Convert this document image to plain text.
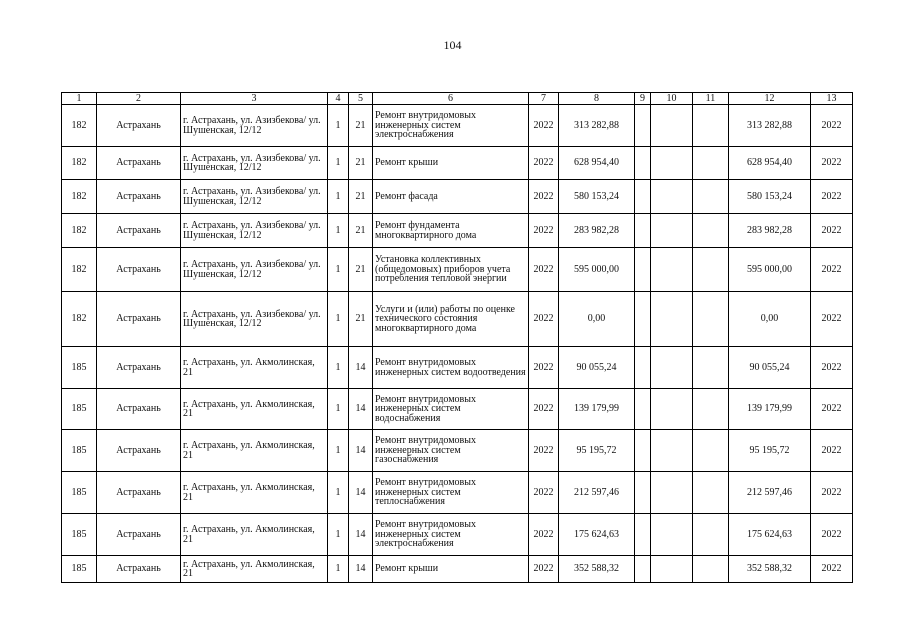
104
1	2	3	4	5	6	7	8	9	10	11	12	13
182	Астрахань	г. Астрахань, ул. Азизбекова/ ул. Шушенская, 12/12	1	21	Ремонт внутридомовых инженерных систем электроснабжения	2022	313 282,88				313 282,88	2022
182	Астрахань	г. Астрахань, ул. Азизбекова/ ул. Шушенская, 12/12	1	21	Ремонт крыши	2022	628 954,40				628 954,40	2022
182	Астрахань	г. Астрахань, ул. Азизбекова/ ул. Шушенская, 12/12	1	21	Ремонт фасада	2022	580 153,24				580 153,24	2022
182	Астрахань	г. Астрахань, ул. Азизбекова/ ул. Шушенская, 12/12	1	21	Ремонт фундамента многоквартирного дома	2022	283 982,28				283 982,28	2022
182	Астрахань	г. Астрахань, ул. Азизбекова/ ул. Шушенская, 12/12	1	21	Установка коллективных (общедомовых) приборов учета потребления тепловой энергии	2022	595 000,00				595 000,00	2022
182	Астрахань	г. Астрахань, ул. Азизбекова/ ул. Шушенская, 12/12	1	21	Услуги и (или) работы по оценке технического состояния многоквартирного дома	2022	0,00				0,00	2022
185	Астрахань	г. Астрахань, ул. Акмолинская, 21	1	14	Ремонт внутридомовых инженерных систем водоотведения	2022	90 055,24				90 055,24	2022
185	Астрахань	г. Астрахань, ул. Акмолинская, 21	1	14	Ремонт внутридомовых инженерных систем водоснабжения	2022	139 179,99				139 179,99	2022
185	Астрахань	г. Астрахань, ул. Акмолинская, 21	1	14	Ремонт внутридомовых инженерных систем газоснабжения	2022	95 195,72				95 195,72	2022
185	Астрахань	г. Астрахань, ул. Акмолинская, 21	1	14	Ремонт внутридомовых инженерных систем теплоснабжения	2022	212 597,46				212 597,46	2022
185	Астрахань	г. Астрахань, ул. Акмолинская, 21	1	14	Ремонт внутридомовых инженерных систем электроснабжения	2022	175 624,63				175 624,63	2022
185	Астрахань	г. Астрахань, ул. Акмолинская, 21	1	14	Ремонт крыши	2022	352 588,32				352 588,32	2022
